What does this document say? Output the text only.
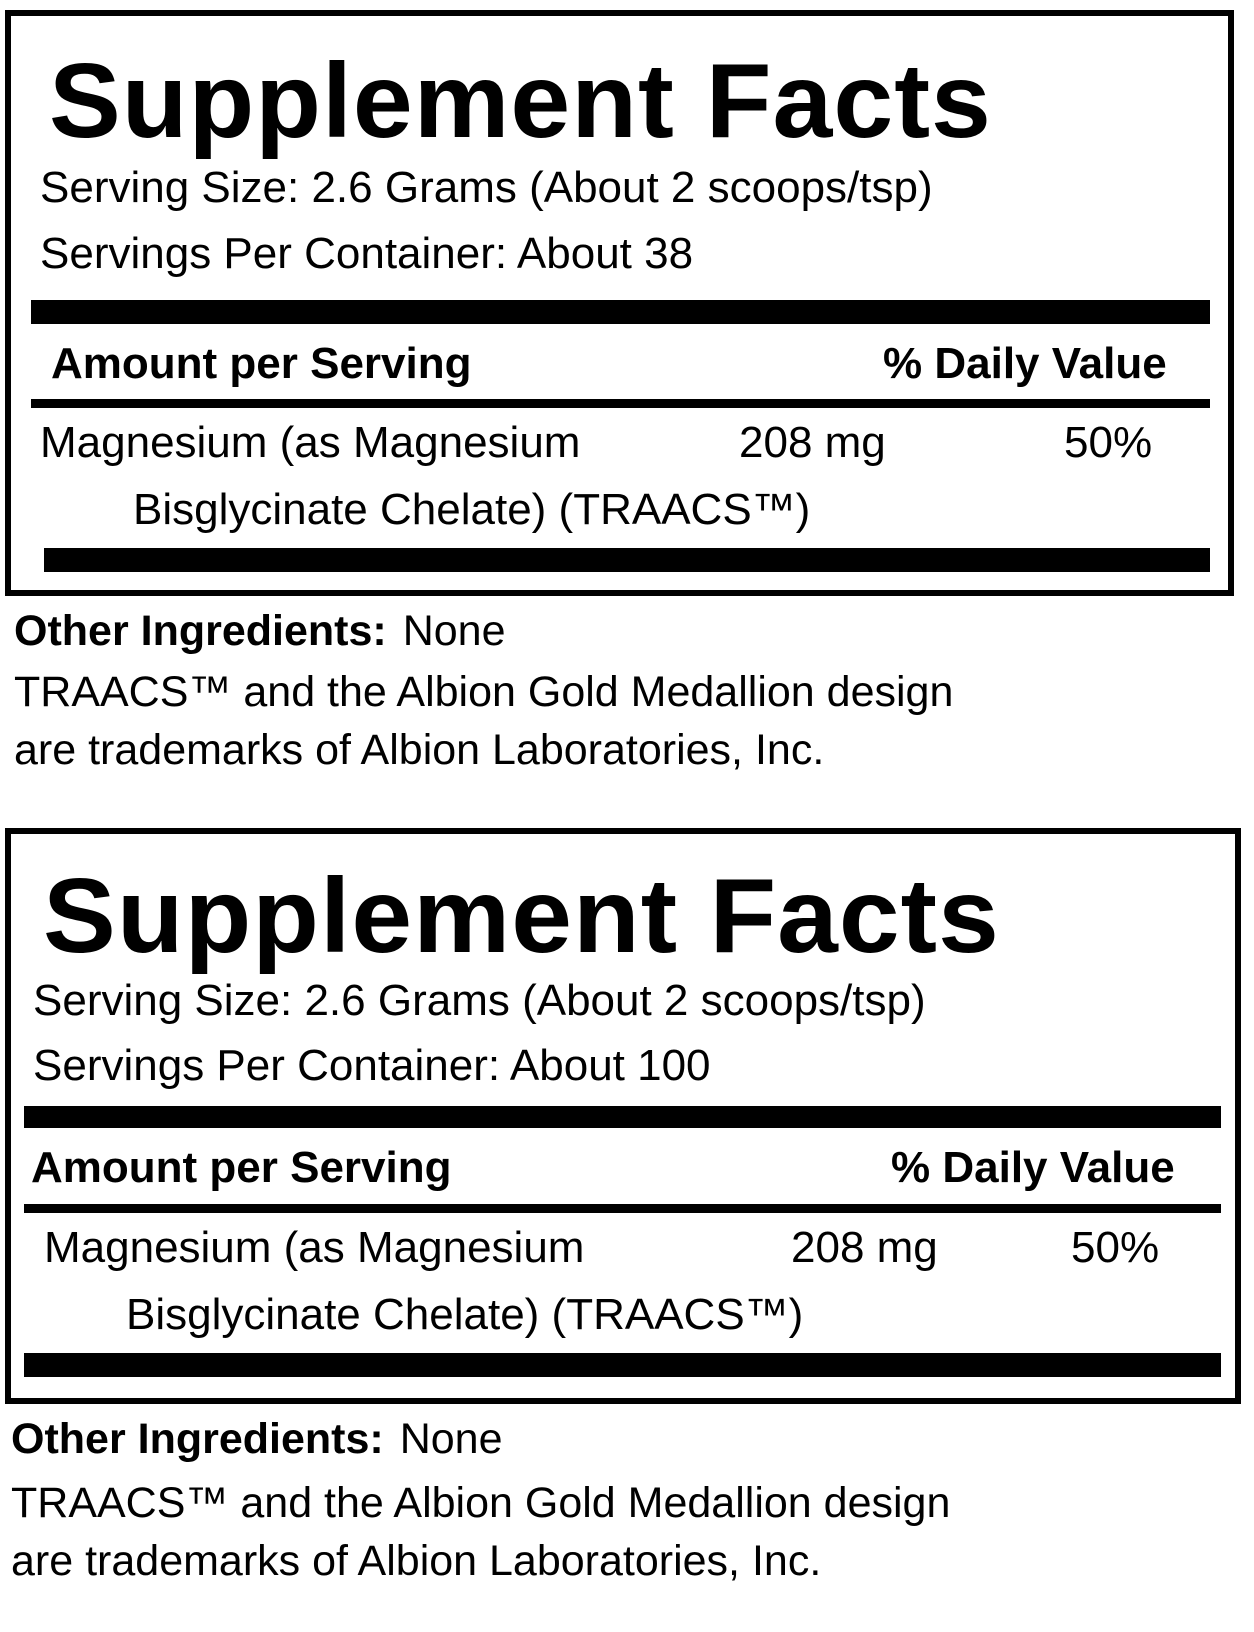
Supplement Facts
Serving Size: 2.6 Grams (About 2 scoops/tsp)
Servings Per Container: About 38
Amount per Serving	% Daily Value
Magnesium (as Magnesium	208 mg	50%
Bisglycinate Chelate) (TRAACS™)
Other Ingredients: None
TRAACS™ and the Albion Gold Medallion design
are trademarks of Albion Laboratories, Inc.
Supplement Facts
Serving Size: 2.6 Grams (About 2 scoops/tsp)
Servings Per Container: About 100
Amount per Serving	% Daily Value
Magnesium (as Magnesium	208 mg	50%
Bisglycinate Chelate) (TRAACS™)
Other Ingredients: None
TRAACS™ and the Albion Gold Medallion design
are trademarks of Albion Laboratories, Inc.
